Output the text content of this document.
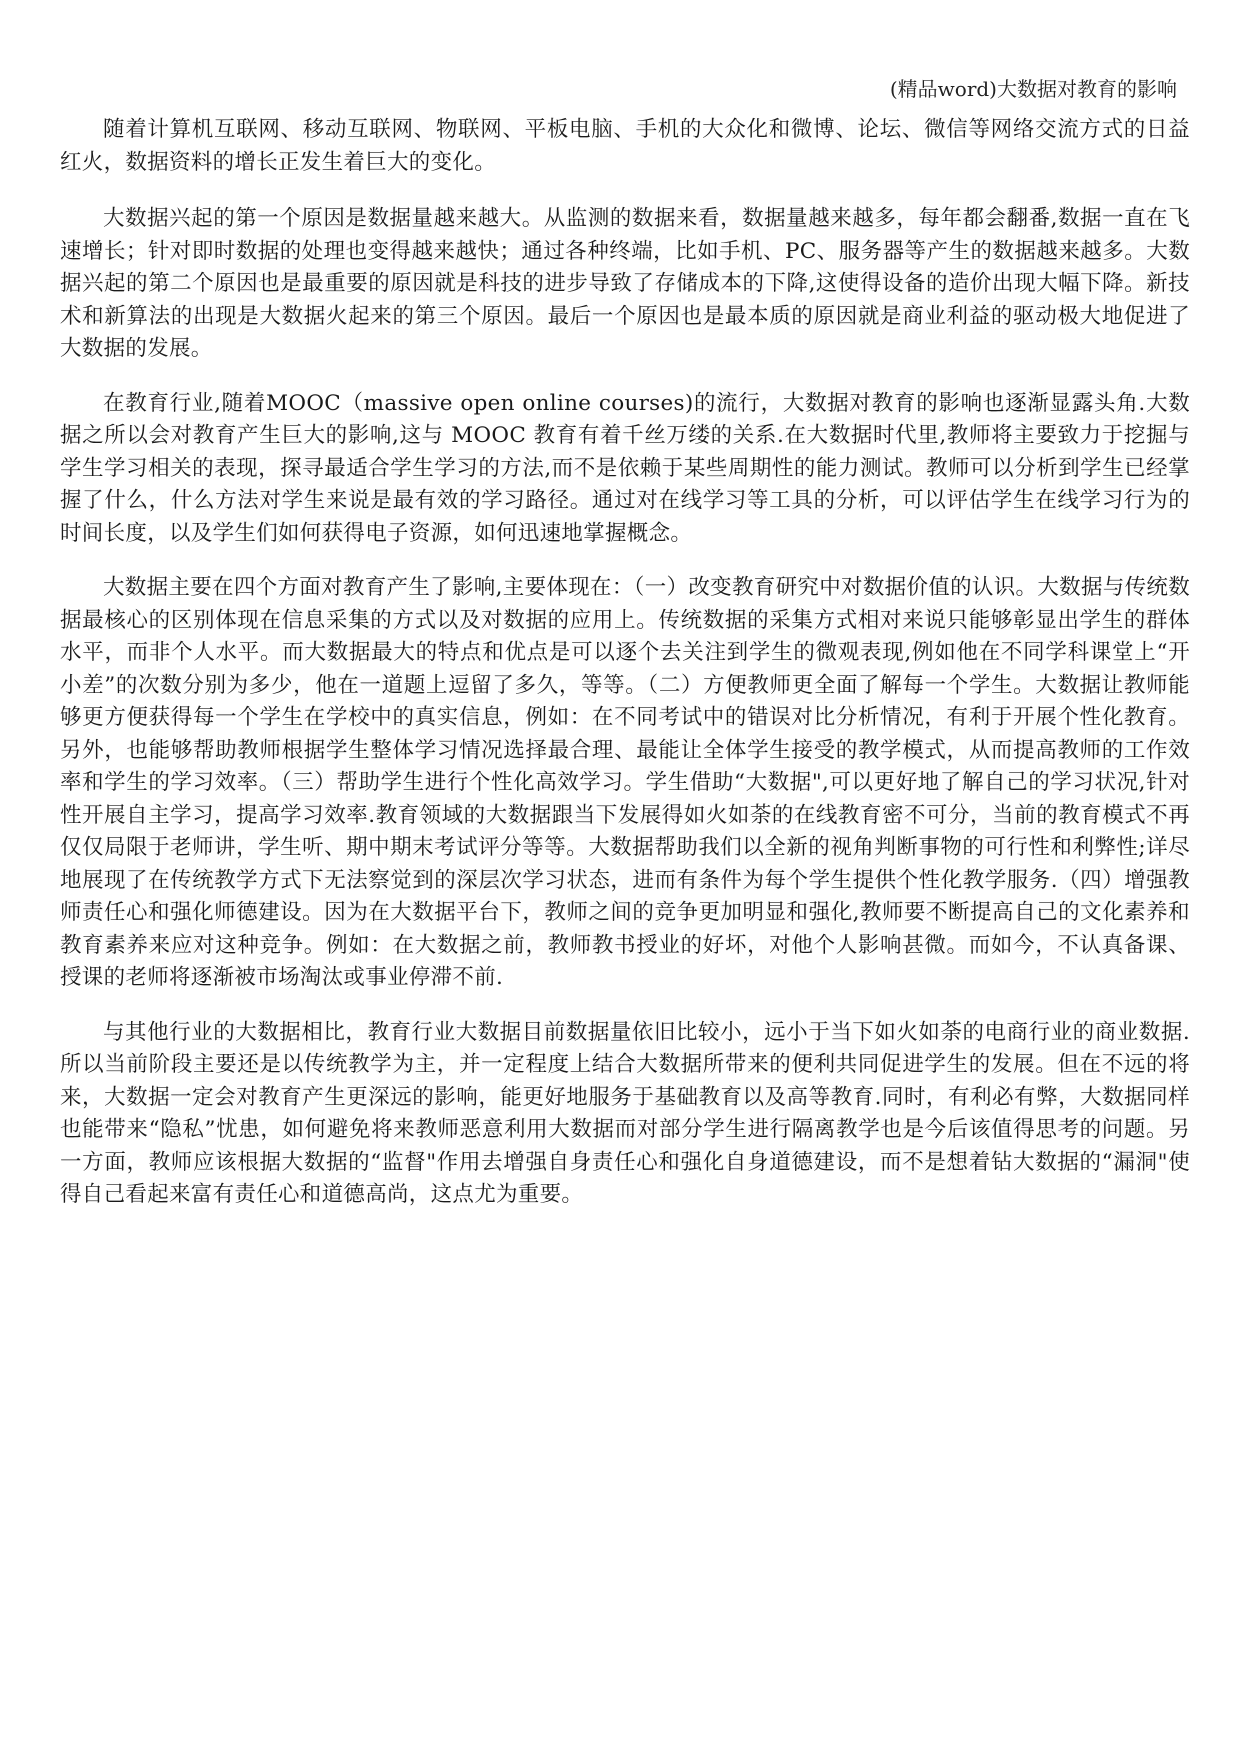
(精品word)大数据对教育的影响

随着计算机互联网、移动互联网、物联网、平板电脑、手机的大众化和微博、论坛、微信等网络交流方式的日益红火，数据资料的增长正发生着巨大的变化。

大数据兴起的第一个原因是数据量越来越大。从监测的数据来看，数据量越来越多，每年都会翻番,数据一直在飞速增长；针对即时数据的处理也变得越来越快；通过各种终端，比如手机、PC、服务器等产生的数据越来越多。大数据兴起的第二个原因也是最重要的原因就是科技的进步导致了存储成本的下降,这使得设备的造价出现大幅下降。新技术和新算法的出现是大数据火起来的第三个原因。最后一个原因也是最本质的原因就是商业利益的驱动极大地促进了大数据的发展。

在教育行业,随着MOOC（massive open online courses)的流行，大数据对教育的影响也逐渐显露头角.大数据之所以会对教育产生巨大的影响,这与 MOOC 教育有着千丝万缕的关系.在大数据时代里,教师将主要致力于挖掘与学生学习相关的表现，探寻最适合学生学习的方法,而不是依赖于某些周期性的能力测试。教师可以分析到学生已经掌握了什么，什么方法对学生来说是最有效的学习路径。通过对在线学习等工具的分析，可以评估学生在线学习行为的时间长度，以及学生们如何获得电子资源，如何迅速地掌握概念。

大数据主要在四个方面对教育产生了影响,主要体现在：（一）改变教育研究中对数据价值的认识。大数据与传统数据最核心的区别体现在信息采集的方式以及对数据的应用上。传统数据的采集方式相对来说只能够彰显出学生的群体水平，而非个人水平。而大数据最大的特点和优点是可以逐个去关注到学生的微观表现,例如他在不同学科课堂上“开小差”的次数分别为多少，他在一道题上逗留了多久，等等。（二）方便教师更全面了解每一个学生。大数据让教师能够更方便获得每一个学生在学校中的真实信息，例如：在不同考试中的错误对比分析情况，有利于开展个性化教育。另外，也能够帮助教师根据学生整体学习情况选择最合理、最能让全体学生接受的教学模式，从而提高教师的工作效率和学生的学习效率。（三）帮助学生进行个性化高效学习。学生借助“大数据",可以更好地了解自己的学习状况,针对性开展自主学习，提高学习效率.教育领域的大数据跟当下发展得如火如荼的在线教育密不可分，当前的教育模式不再仅仅局限于老师讲，学生听、期中期末考试评分等等。大数据帮助我们以全新的视角判断事物的可行性和利弊性;详尽地展现了在传统教学方式下无法察觉到的深层次学习状态，进而有条件为每个学生提供个性化教学服务.（四）增强教师责任心和强化师德建设。因为在大数据平台下，教师之间的竞争更加明显和强化,教师要不断提高自己的文化素养和教育素养来应对这种竞争。例如：在大数据之前，教师教书授业的好坏，对他个人影响甚微。而如今，不认真备课、授课的老师将逐渐被市场淘汰或事业停滞不前.

与其他行业的大数据相比，教育行业大数据目前数据量依旧比较小，远小于当下如火如荼的电商行业的商业数据.所以当前阶段主要还是以传统教学为主，并一定程度上结合大数据所带来的便利共同促进学生的发展。但在不远的将来，大数据一定会对教育产生更深远的影响，能更好地服务于基础教育以及高等教育.同时，有利必有弊，大数据同样也能带来“隐私”忧患，如何避免将来教师恶意利用大数据而对部分学生进行隔离教学也是今后该值得思考的问题。另一方面，教师应该根据大数据的“监督"作用去增强自身责任心和强化自身道德建设，而不是想着钻大数据的“漏洞"使得自己看起来富有责任心和道德高尚，这点尤为重要。
